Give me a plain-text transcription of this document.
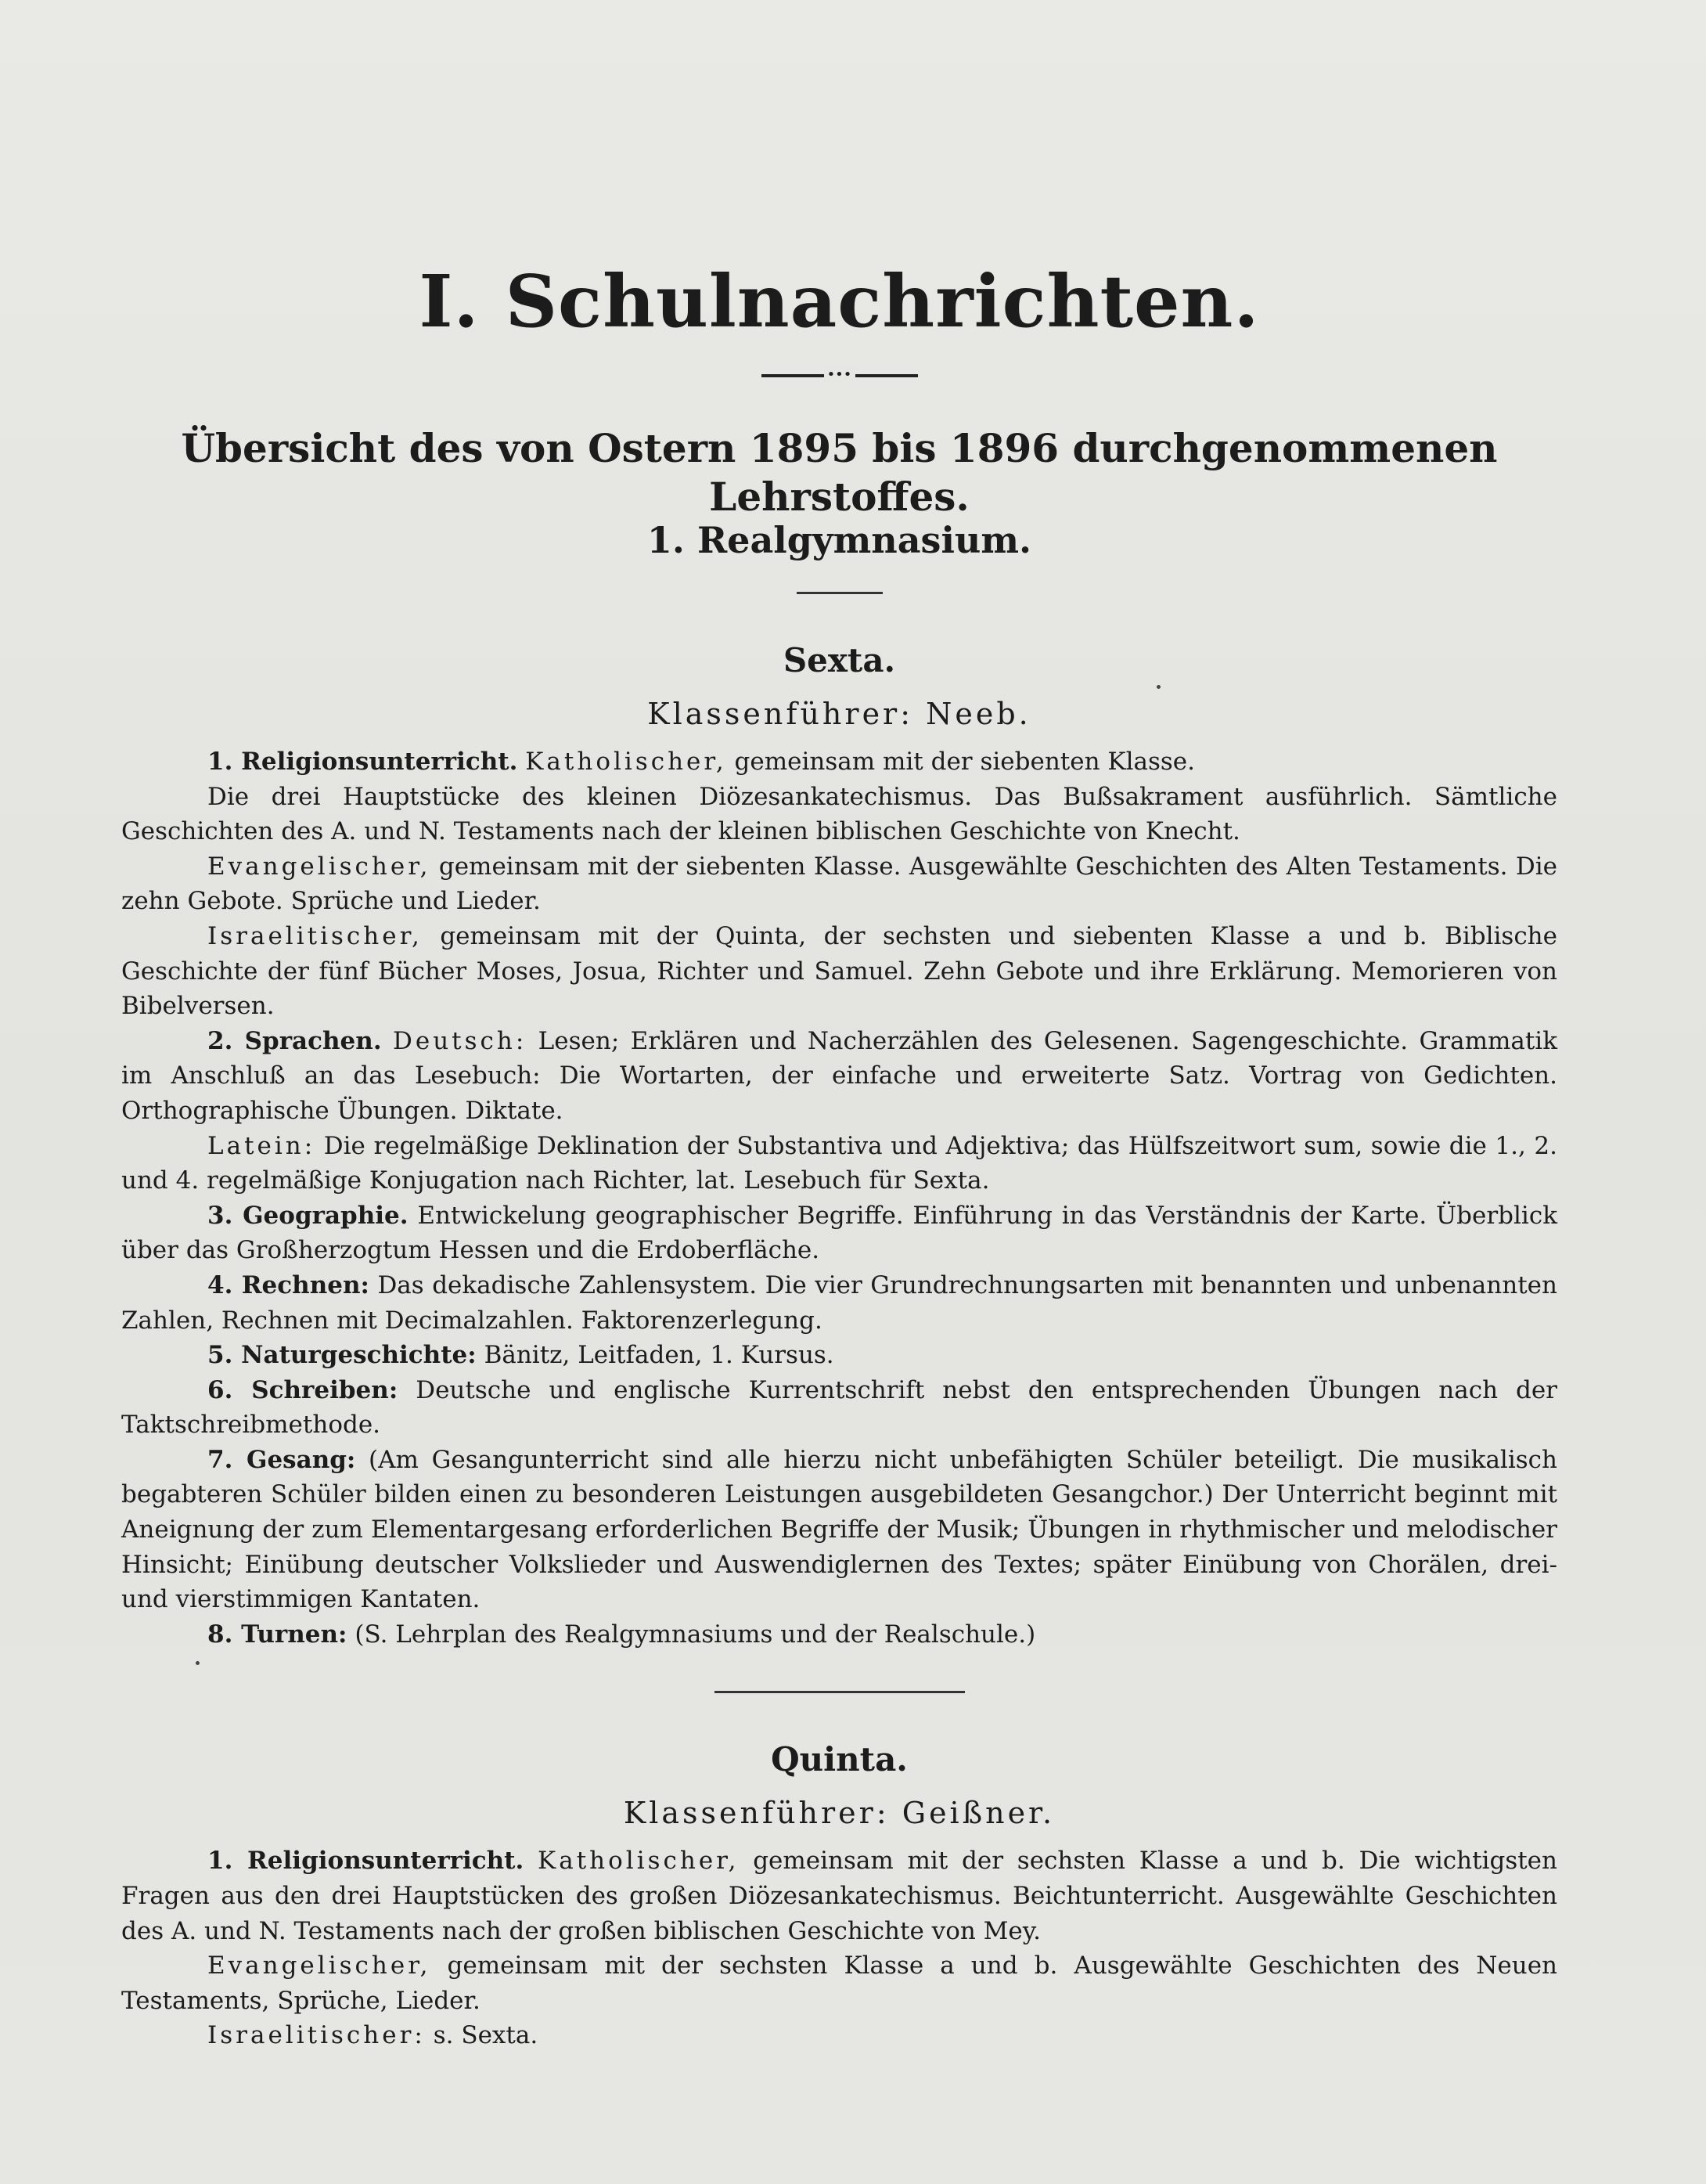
I. Schulnachrichten.
•••
Übersicht des von Ostern 1895 bis 1896 durchgenommenen Lehrstoffes.
1. Realgymnasium.
Sexta.
Klassenführer: Neeb.

1. Religionsunterricht. Katholischer, gemeinsam mit der siebenten Klasse.

Die drei Hauptstücke des kleinen Diözesankatechismus. Das Bußsakrament ausführlich. Sämtliche Geschichten des A. und N. Testaments nach der kleinen biblischen Geschichte von Knecht.

Evangelischer, gemeinsam mit der siebenten Klasse. Ausgewählte Geschichten des Alten Testaments. Die zehn Gebote. Sprüche und Lieder.

Israelitischer, gemeinsam mit der Quinta, der sechsten und siebenten Klasse a und b. Biblische Geschichte der fünf Bücher Moses, Josua, Richter und Samuel. Zehn Gebote und ihre Erklärung. Memorieren von Bibelversen.

2. Sprachen. Deutsch: Lesen; Erklären und Nacherzählen des Gelesenen. Sagengeschichte. Grammatik im Anschluß an das Lesebuch: Die Wortarten, der einfache und erweiterte Satz. Vortrag von Gedichten. Orthographische Übungen. Diktate.

Latein: Die regelmäßige Deklination der Substantiva und Adjektiva; das Hülfszeitwort sum, sowie die 1., 2. und 4. regelmäßige Konjugation nach Richter, lat. Lesebuch für Sexta.

3. Geographie. Entwickelung geographischer Begriffe. Einführung in das Verständnis der Karte. Überblick über das Großherzogtum Hessen und die Erdoberfläche.

4. Rechnen: Das dekadische Zahlensystem. Die vier Grundrechnungsarten mit benannten und unbenannten Zahlen, Rechnen mit Decimalzahlen. Faktorenzerlegung.

5. Naturgeschichte: Bänitz, Leitfaden, 1. Kursus.

6. Schreiben: Deutsche und englische Kurrentschrift nebst den entsprechenden Übungen nach der Taktschreibmethode.

7. Gesang: (Am Gesangunterricht sind alle hierzu nicht unbefähigten Schüler beteiligt. Die musikalisch begabteren Schüler bilden einen zu besonderen Leistungen ausgebildeten Gesangchor.) Der Unterricht beginnt mit Aneignung der zum Elementargesang erforderlichen Begriffe der Musik; Übungen in rhythmischer und melodischer Hinsicht; Einübung deutscher Volkslieder und Auswendiglernen des Textes; später Einübung von Chorälen, drei- und vierstimmigen Kantaten.

8. Turnen: (S. Lehrplan des Realgymnasiums und der Realschule.)

Quinta.
Klassenführer: Geißner.

1. Religionsunterricht. Katholischer, gemeinsam mit der sechsten Klasse a und b. Die wichtigsten Fragen aus den drei Hauptstücken des großen Diözesankatechismus. Beichtunterricht. Ausgewählte Geschichten des A. und N. Testaments nach der großen biblischen Geschichte von Mey.

Evangelischer, gemeinsam mit der sechsten Klasse a und b. Ausgewählte Geschichten des Neuen Testaments, Sprüche, Lieder.

Israelitischer: s. Sexta.
